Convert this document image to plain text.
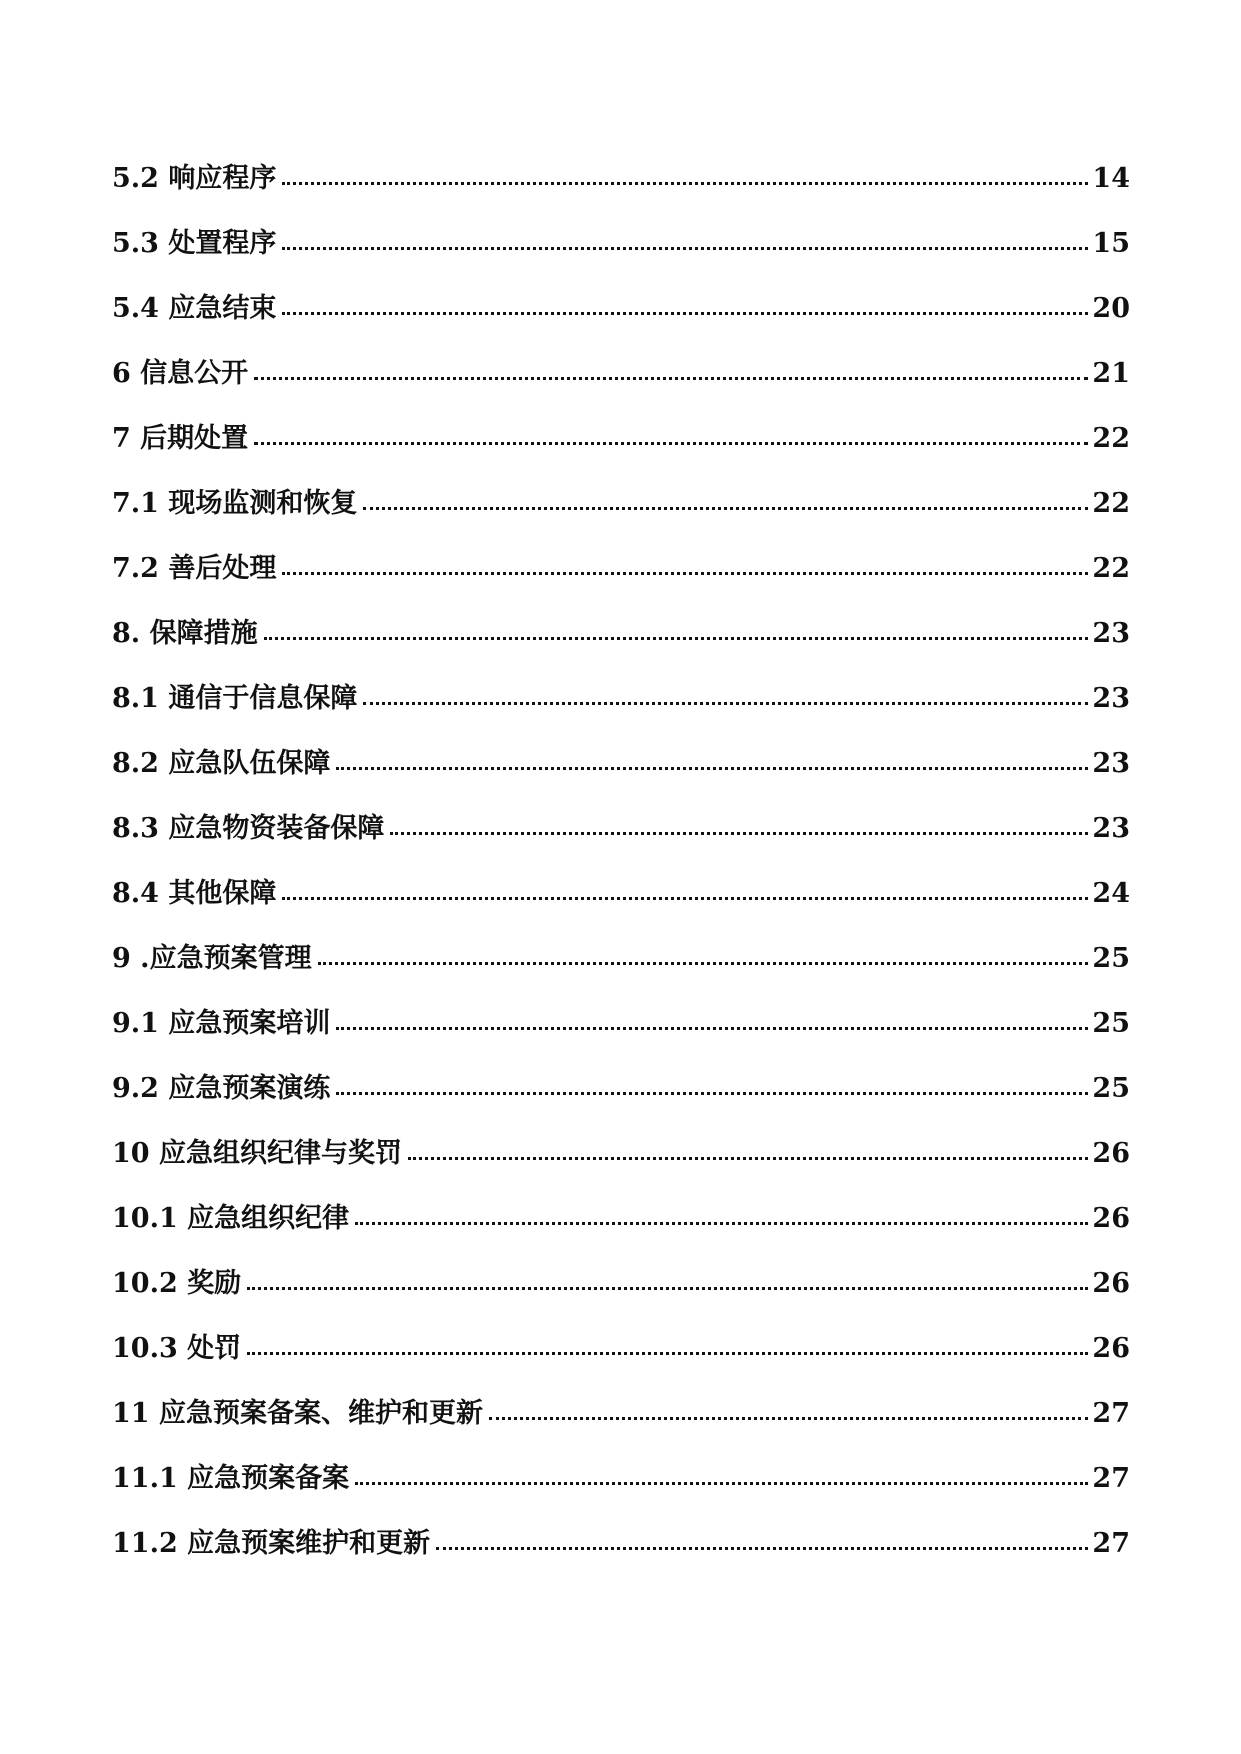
5.2 响应程序	14
5.3 处置程序	15
5.4 应急结束	20
6 信息公开	21
7 后期处置	22
7.1 现场监测和恢复	22
7.2 善后处理	22
8. 保障措施	23
8.1 通信于信息保障	23
8.2 应急队伍保障	23
8.3 应急物资装备保障	23
8.4 其他保障	24
9 .应急预案管理	25
9.1 应急预案培训	25
9.2 应急预案演练	25
10 应急组织纪律与奖罚	26
10.1 应急组织纪律	26
10.2 奖励	26
10.3 处罚	26
11 应急预案备案、维护和更新	27
11.1 应急预案备案	27
11.2 应急预案维护和更新	27
